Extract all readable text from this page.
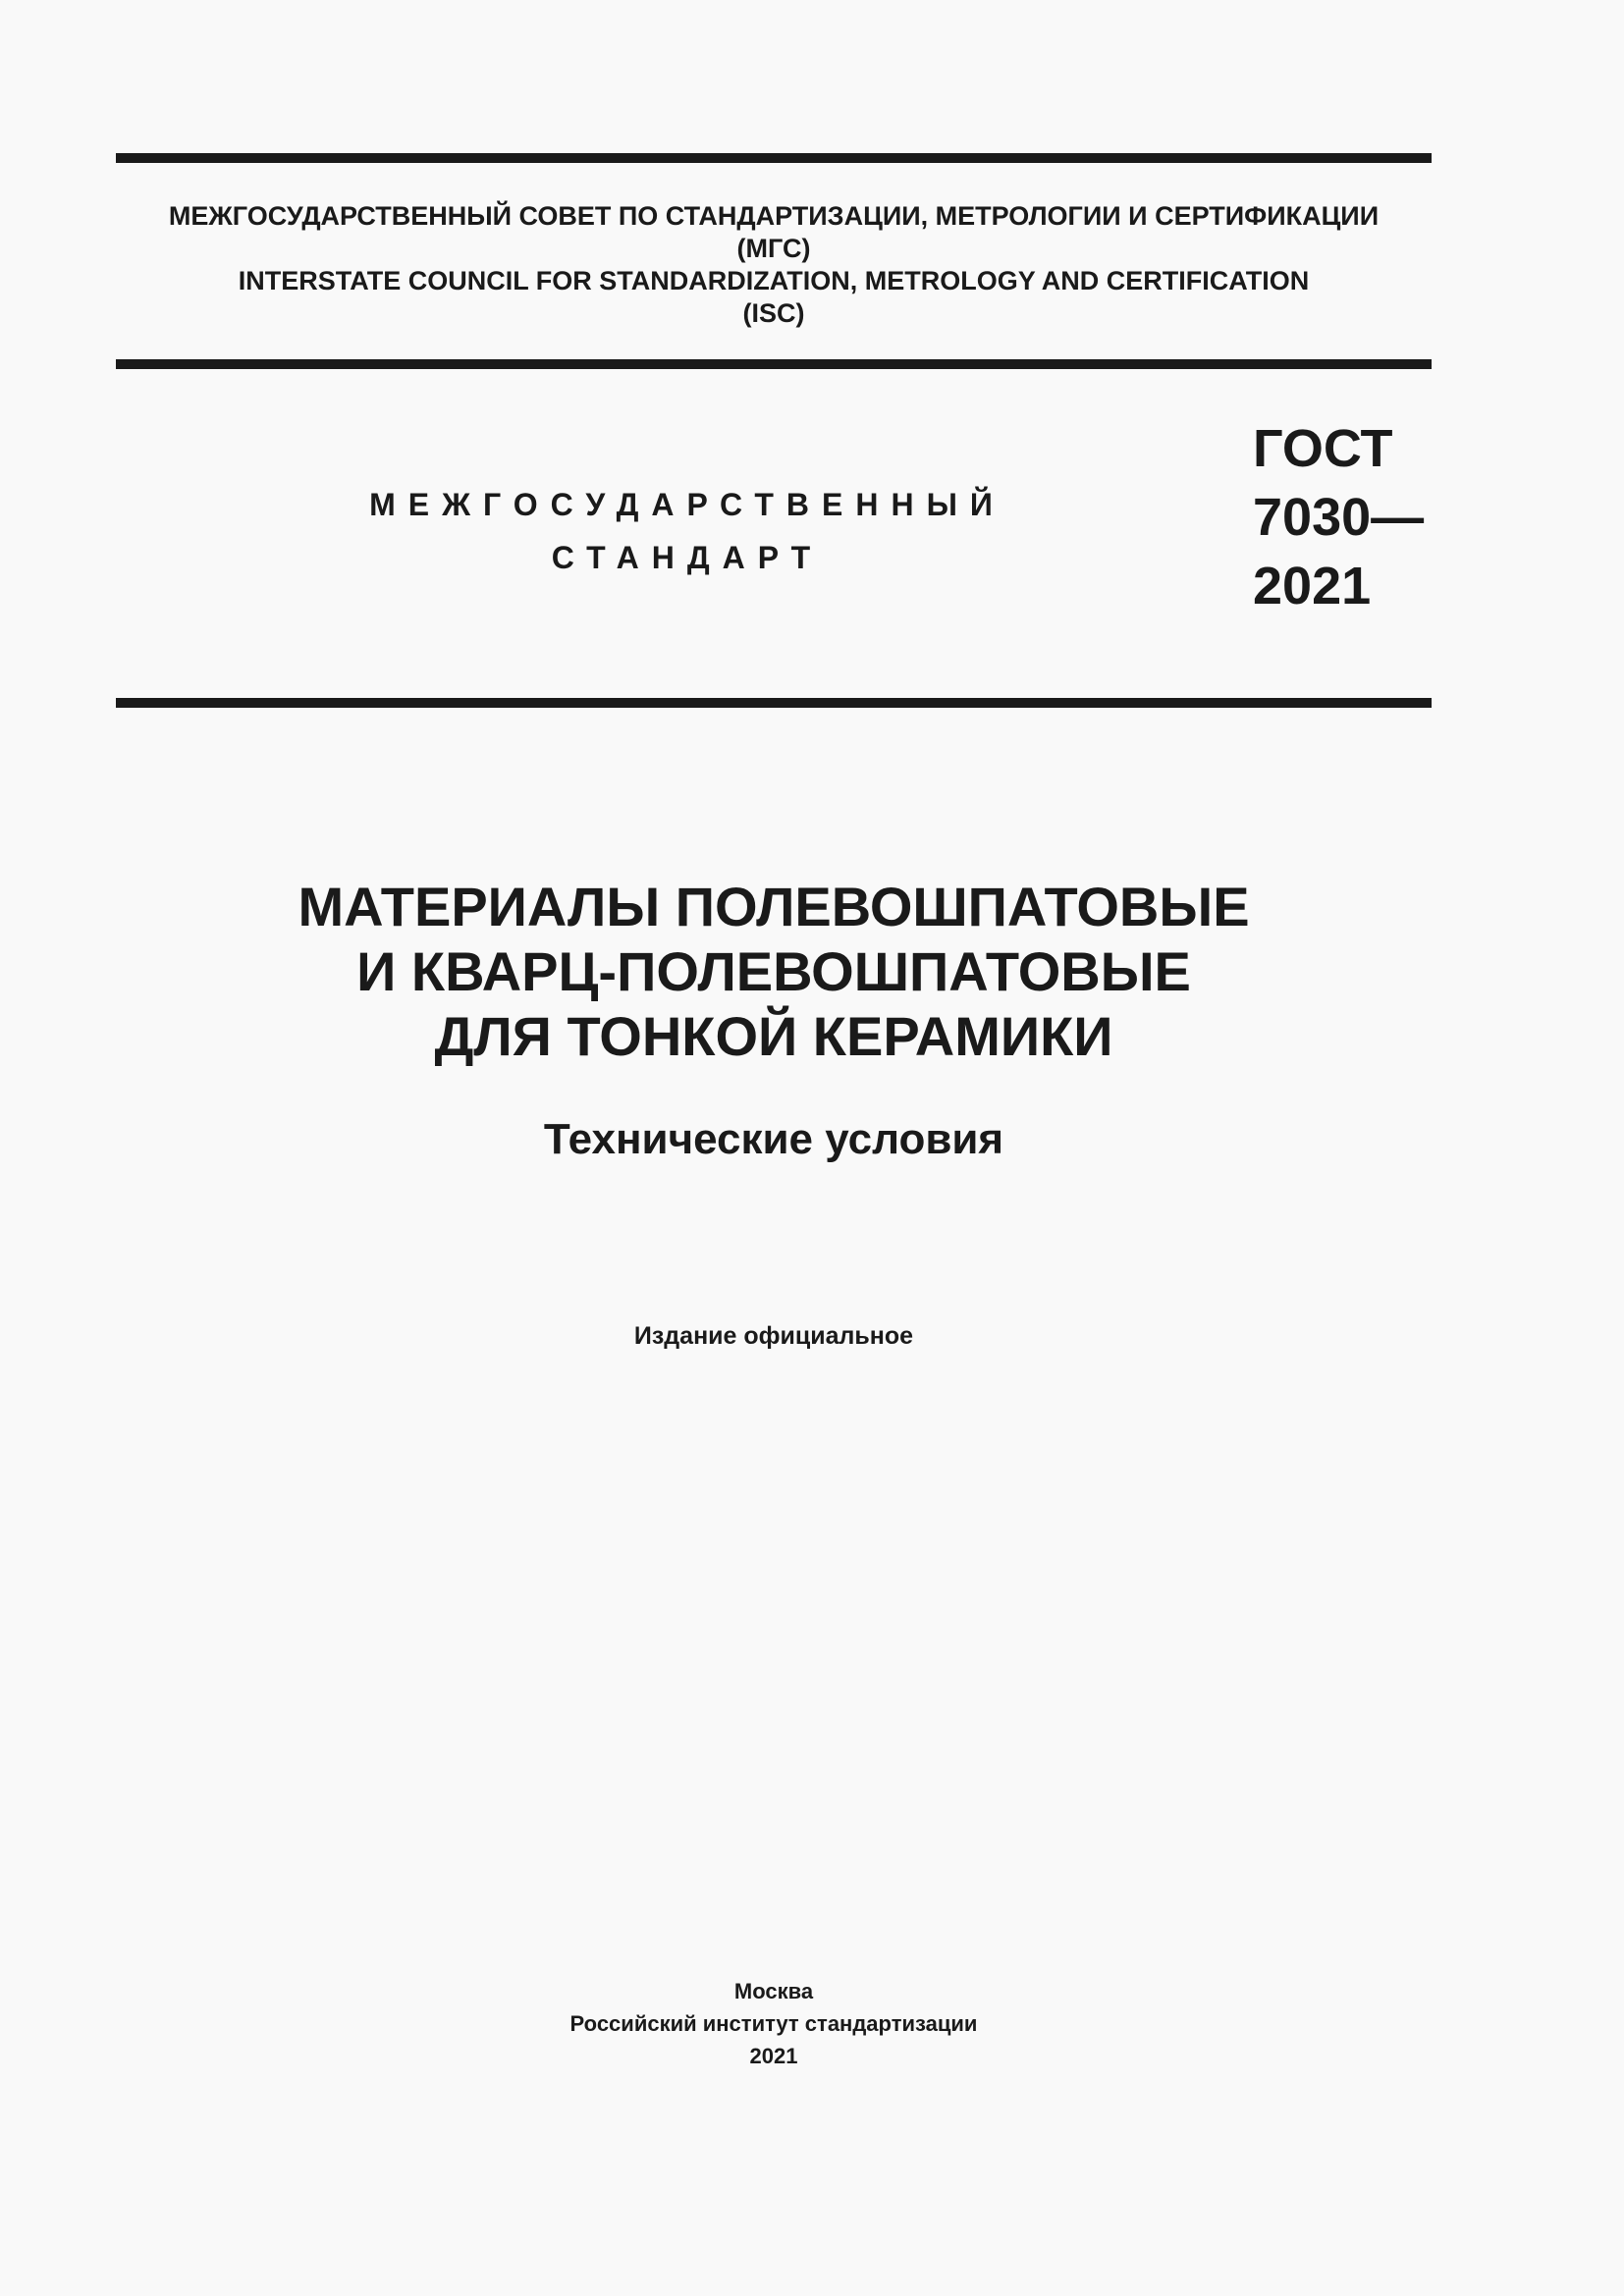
МЕЖГОСУДАРСТВЕННЫЙ СОВЕТ ПО СТАНДАРТИЗАЦИИ, МЕТРОЛОГИИ И СЕРТИФИКАЦИИ
(МГС)
INTERSTATE COUNCIL FOR STANDARDIZATION, METROLOGY AND CERTIFICATION
(ISC)
МЕЖГОСУДАРСТВЕННЫЙ
СТАНДАРТ
ГОСТ
7030—
2021
МАТЕРИАЛЫ ПОЛЕВОШПАТОВЫЕ
И КВАРЦ-ПОЛЕВОШПАТОВЫЕ
ДЛЯ ТОНКОЙ КЕРАМИКИ
Технические условия
Издание официальное
Москва
Российский институт стандартизации
2021
